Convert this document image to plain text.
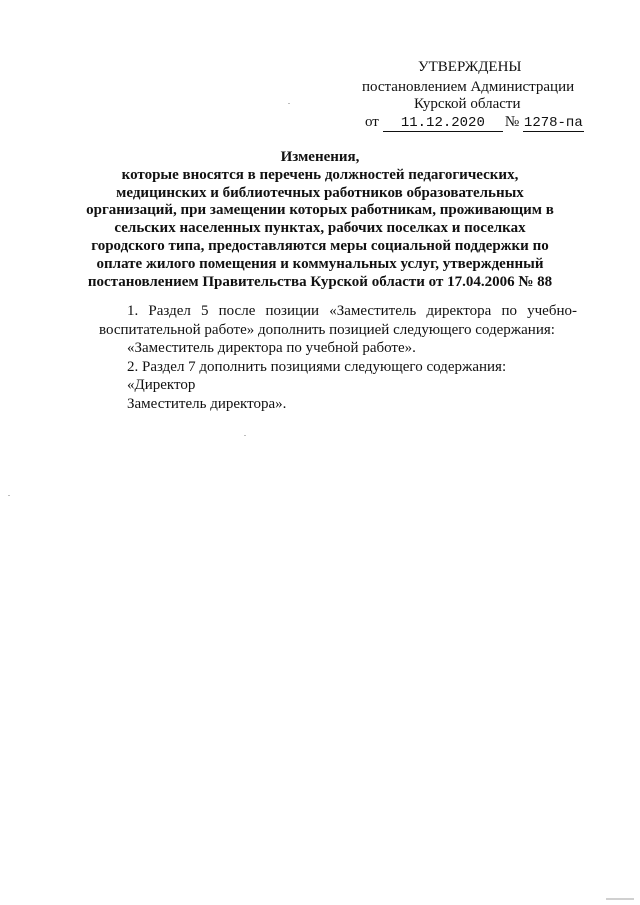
УТВЕРЖДЕНЫ
постановлением Администрации
Курской области
от 11.12.2020 № 1278-па
Изменения,
которые вносятся в перечень должностей педагогических,
медицинских и библиотечных работников образовательных
организаций, при замещении которых работникам, проживающим в
сельских населенных пунктах, рабочих поселках и поселках
городского типа, предоставляются меры социальной поддержки по
оплате жилого помещения и коммунальных услуг, утвержденный
постановлением Правительства Курской области от 17.04.2006 № 88
1. Раздел 5 после позиции «Заместитель директора по учебно-воспитательной работе» дополнить позицией следующего содержания:
«Заместитель директора по учебной работе».
2. Раздел 7 дополнить позициями следующего содержания:
«Директор
Заместитель директора».
